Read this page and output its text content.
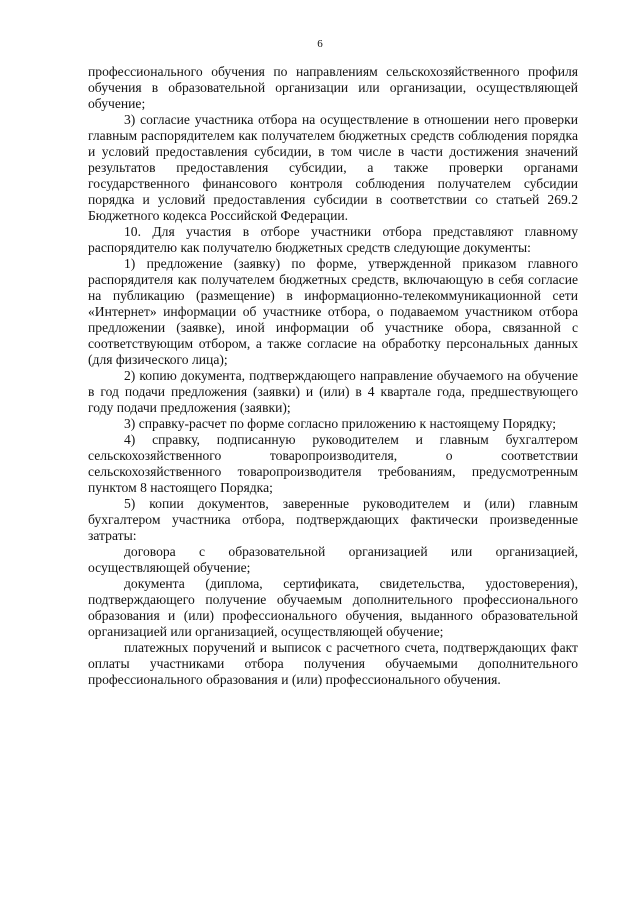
6

профессионального обучения по направлениям сельскохозяйственного профиля обучения в образовательной организации или организации, осуществляющей обучение;

3) согласие участника отбора на осуществление в отношении него проверки главным распорядителем как получателем бюджетных средств соблюдения порядка и условий предоставления субсидии, в том числе в части достижения значений результатов предоставления субсидии, а также проверки органами государственного финансового контроля соблюдения получателем субсидии порядка и условий предоставления субсидии в соответствии со статьей 269.2 Бюджетного кодекса Российской Федерации.

10. Для участия в отборе участники отбора представляют главному распорядителю как получателю бюджетных средств следующие документы:

1) предложение (заявку) по форме, утвержденной приказом главного распорядителя как получателем бюджетных средств, включающую в себя согласие на публикацию (размещение) в информационно-телекоммуникационной сети «Интернет» информации об участнике отбора, о подаваемом участником отбора предложении (заявке), иной информации об участнике обора, связанной с соответствующим отбором, а также согласие на обработку персональных данных (для физического лица);

2) копию документа, подтверждающего направление обучаемого на обучение в год подачи предложения (заявки) и (или) в 4 квартале года, предшествующего году подачи предложения (заявки);

3) справку-расчет по форме согласно приложению к настоящему Порядку;

4) справку, подписанную руководителем и главным бухгалтером сельскохозяйственного товаропроизводителя, о соответствии сельскохозяйственного товаропроизводителя требованиям, предусмотренным пунктом 8 настоящего Порядка;

5) копии документов, заверенные руководителем и (или) главным бухгалтером участника отбора, подтверждающих фактически произведенные затраты:

договора с образовательной организацией или организацией, осуществляющей обучение;

документа (диплома, сертификата, свидетельства, удостоверения), подтверждающего получение обучаемым дополнительного профессионального образования и (или) профессионального обучения, выданного образовательной организацией или организацией, осуществляющей обучение;

платежных поручений и выписок с расчетного счета, подтверждающих факт оплаты участниками отбора получения обучаемыми дополнительного профессионального образования и (или) профессионального обучения.
